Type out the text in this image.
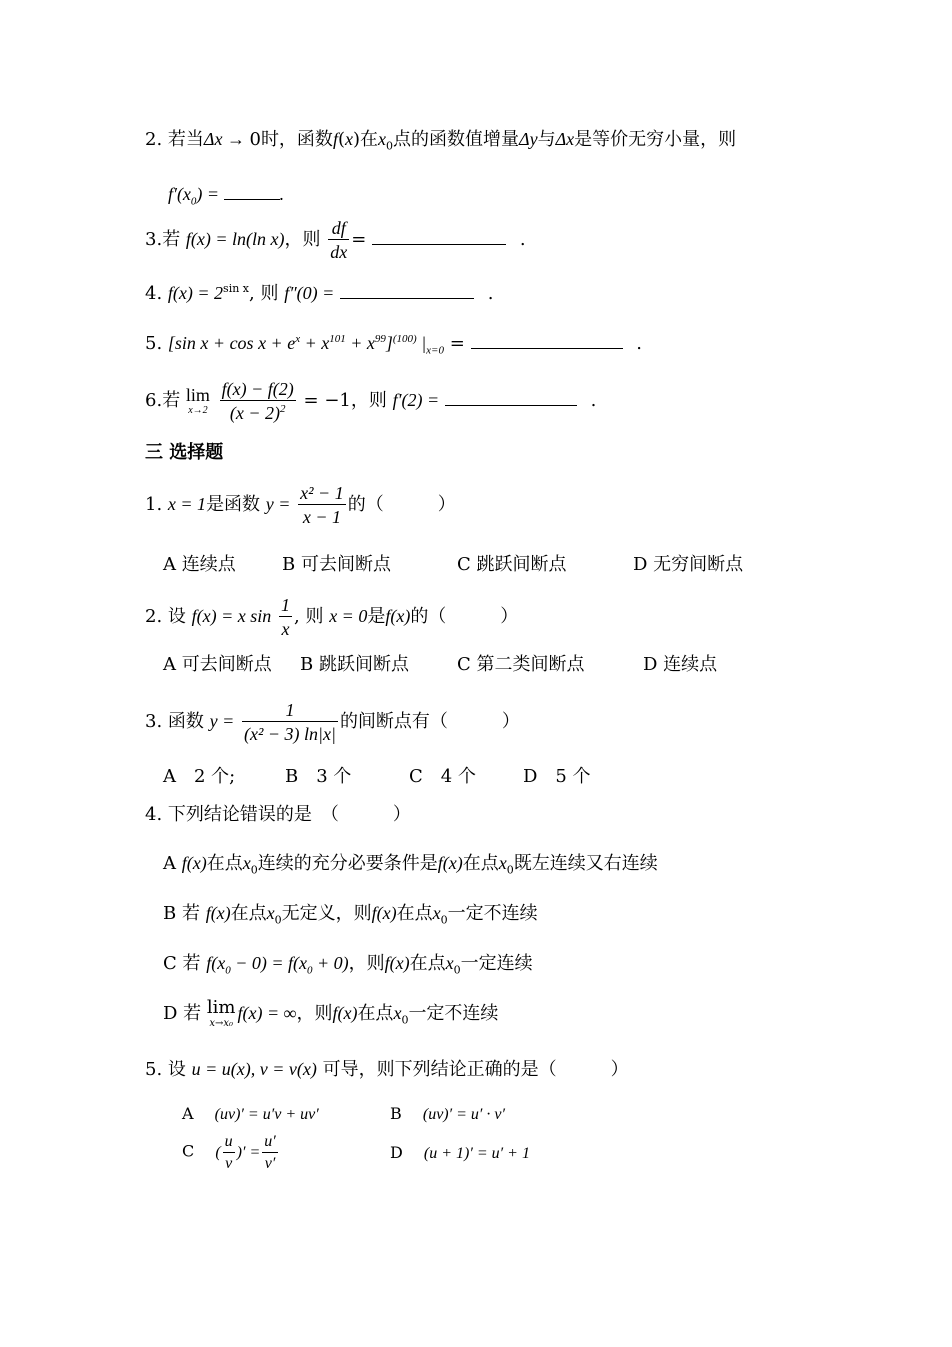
2. 若当Δx → 0时，函数f(x)在$x_0$点的函数值增量Δy与Δx是等价无穷小量，则
$f'(x_0)$ =	.
3.若 f(x) = ln(ln x)，则 $\frac{df}{dx}$ =	.
4. $f(x) = 2^{sin x}$, 则 f″(0) =	.
5. [sin $x + \cos x + e^x + x^{101} + x^{99}]^{(100)}$ $|_{x=0}$ =	.
6.若 lim
x→2
$\frac{f(x) - f(2)}{(x - 2)^2} = -1$，则 f′(2) =	.
三 选择题
1. x = 1是函数 $y = \frac{\text{x² − 1}}{x - 1}$ 的（　　　）
A 连续点	B 可去间断点	C 跳跃间断点	D 无穷间断点
2. 设 f(x) = x $\sin \frac{1}{x}$ , 则 x = 0是f(x)的（　　　）
A 可去间断点 B 跳跃间断点	C 第二类间断点	D 连续点
3. 函数 $y = \frac{1}{\text{(x² − 3) ln|x|}}$ 的间断点有（　　　）
A　2 个;	B　3 个	C　4 个	D　5 个
4. 下列结论错误的是　（　　　）
A f(x)在点$x_0$连续的充分必要条件是f(x)在点$x_0$既左连续又右连续
B 若 f(x)在点$x_0$无定义，则f(x)在点$x_0$一定不连续
C 若 $f(x_0 - 0) = f(x_0 + 0)$，则f(x)在点$x_0$一定连续
D 若 lim
x→x₀
f(x) = ∞，则f(x)在点$x_0$一定不连续
5. 设 u = u(x), v = v(x) 可导，则下列结论正确的是（　　　）
A (uv)′ = u′v + uv′	B (uv)′ = u′ · v′
C ( $\frac{u}{v}$ )′ = $\frac{u'}{v'}$	D (u + 1)′ = u′ + 1
